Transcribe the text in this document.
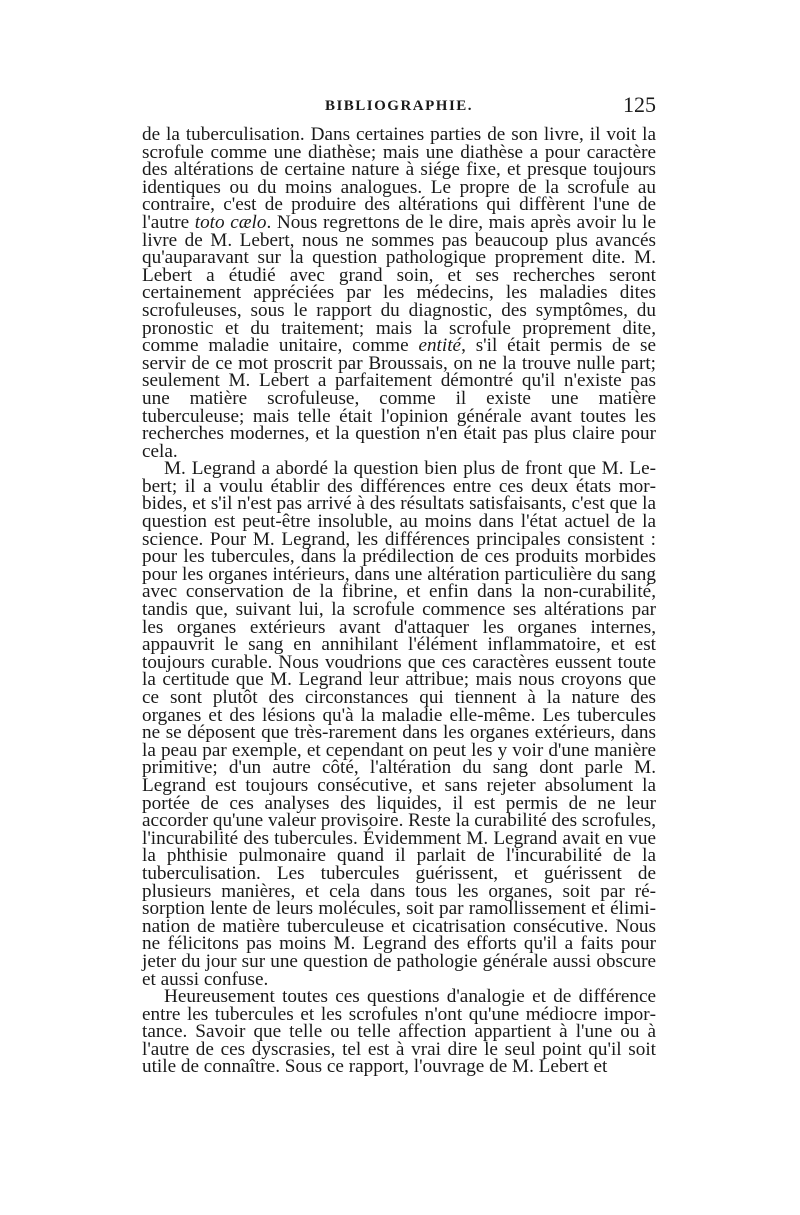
BIBLIOGRAPHIE.	125

de la tuberculisation. Dans certaines parties de son livre, il voit la scrofule comme une diathèse; mais une diathèse a pour caractère des altérations de certaine nature à siége fixe, et presque toujours identiques ou du moins analogues. Le propre de la scrofule au contraire, c'est de produire des altérations qui diffèrent l'une de l'autre toto cælo. Nous regrettons de le dire, mais après avoir lu le livre de M. Lebert, nous ne sommes pas beaucoup plus avancés qu'auparavant sur la question pathologique proprement dite. M. Lebert a étudié avec grand soin, et ses recherches seront certainement appréciées par les médecins, les maladies dites scrofuleuses, sous le rapport du diagnostic, des symptômes, du pronostic et du traitement; mais la scrofule proprement dite, comme maladie unitaire, comme entité, s'il était permis de se servir de ce mot proscrit par Broussais, on ne la trouve nulle part; seulement M. Lebert a parfaitement démontré qu'il n'existe pas une matière scrofuleuse, comme il existe une matière tuberculeuse; mais telle était l'opinion générale avant toutes les recherches modernes, et la question n'en était pas plus claire pour cela.

M. Legrand a abordé la question bien plus de front que M. Lebert; il a voulu établir des différences entre ces deux états morbides, et s'il n'est pas arrivé à des résultats satisfaisants, c'est que la question est peut-être insoluble, au moins dans l'état actuel de la science. Pour M. Legrand, les différences principales consistent : pour les tubercules, dans la prédilection de ces produits morbides pour les organes intérieurs, dans une altération particulière du sang avec conservation de la fibrine, et enfin dans la non-curabilité, tandis que, suivant lui, la scrofule commence ses altérations par les organes extérieurs avant d'attaquer les organes internes, appauvrit le sang en annihilant l'élément inflammatoire, et est toujours curable. Nous voudrions que ces caractères eussent toute la certitude que M. Legrand leur attribue; mais nous croyons que ce sont plutôt des circonstances qui tiennent à la nature des organes et des lésions qu'à la maladie elle-même. Les tubercules ne se déposent que très-rarement dans les organes extérieurs, dans la peau par exemple, et cependant on peut les y voir d'une manière primitive; d'un autre côté, l'altération du sang dont parle M. Legrand est toujours consécutive, et sans rejeter absolument la portée de ces analyses des liquides, il est permis de ne leur accorder qu'une valeur provisoire. Reste la curabilité des scrofules, l'incurabilité des tubercules. Évidemment M. Legrand avait en vue la phthisie pulmonaire quand il parlait de l'incurabilité de la tuberculisation. Les tubercules guérissent, et guérissent de plusieurs manières, et cela dans tous les organes, soit par résorption lente de leurs molécules, soit par ramollissement et élimination de matière tuberculeuse et cicatrisation consécutive. Nous ne félicitons pas moins M. Legrand des efforts qu'il a faits pour jeter du jour sur une question de pathologie générale aussi obscure et aussi confuse.

Heureusement toutes ces questions d'analogie et de différence entre les tubercules et les scrofules n'ont qu'une médiocre importance. Savoir que telle ou telle affection appartient à l'une ou à l'autre de ces dyscrasies, tel est à vrai dire le seul point qu'il soit utile de connaître. Sous ce rapport, l'ouvrage de M. Lebert et
